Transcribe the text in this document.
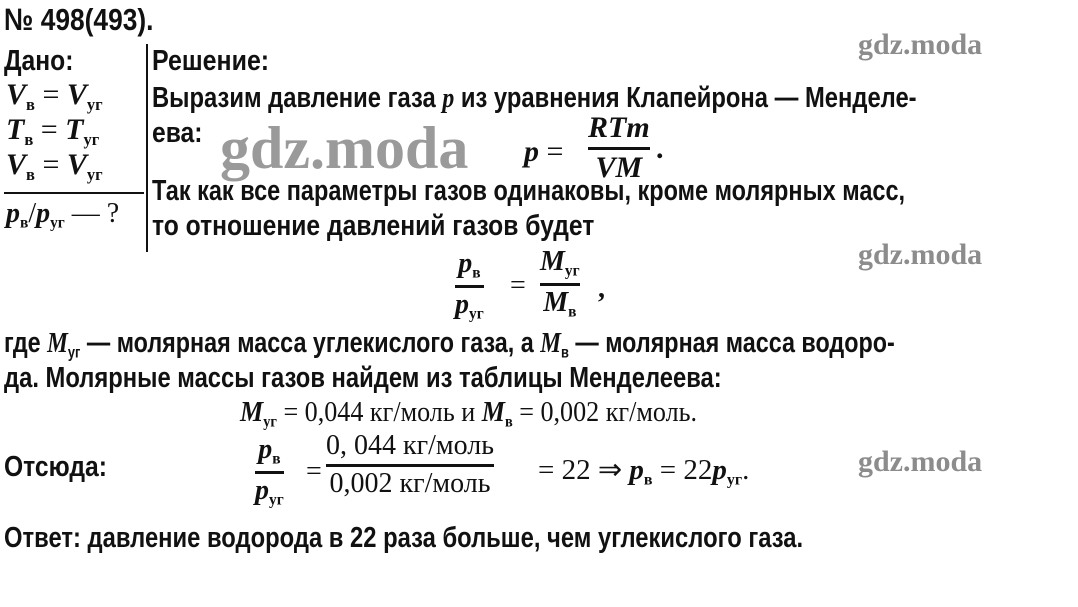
gdz.moda
gdz.moda
gdz.moda
gdz.moda
№ 498(493).
Дано:
$V_в = V_{уг}$
$T_в = T_{уг}$
$V_в = V_{уг}$
$p_в/p_{уг}$ — ?
Решение:
Выразим давление газа p из уравнения Клапейрона — Менделе-
ева:
p =
RTm
VM
.
Так как все параметры газов одинаковы, кроме молярных масс,
то отношение давлений газов будет
$p_в$
$p_{уг}$
=
$M_{уг}$
$M_в$
,
где $M_{уг}$ — молярная масса углекислого газа, а $M_в$ — молярная масса водоро-
да. Молярные массы газов найдем из таблицы Менделеева:
$M_{уг} = 0,044$ кг/моль и $M_в = 0,002$ кг/моль.
Отсюда:
$p_в$
$p_{уг}$
=
0, 044 кг/моль
0,002 кг/моль = 22 ⇒ $p_в = 22p_{уг}$.
Ответ: давление водорода в 22 раза больше, чем углекислого газа.
